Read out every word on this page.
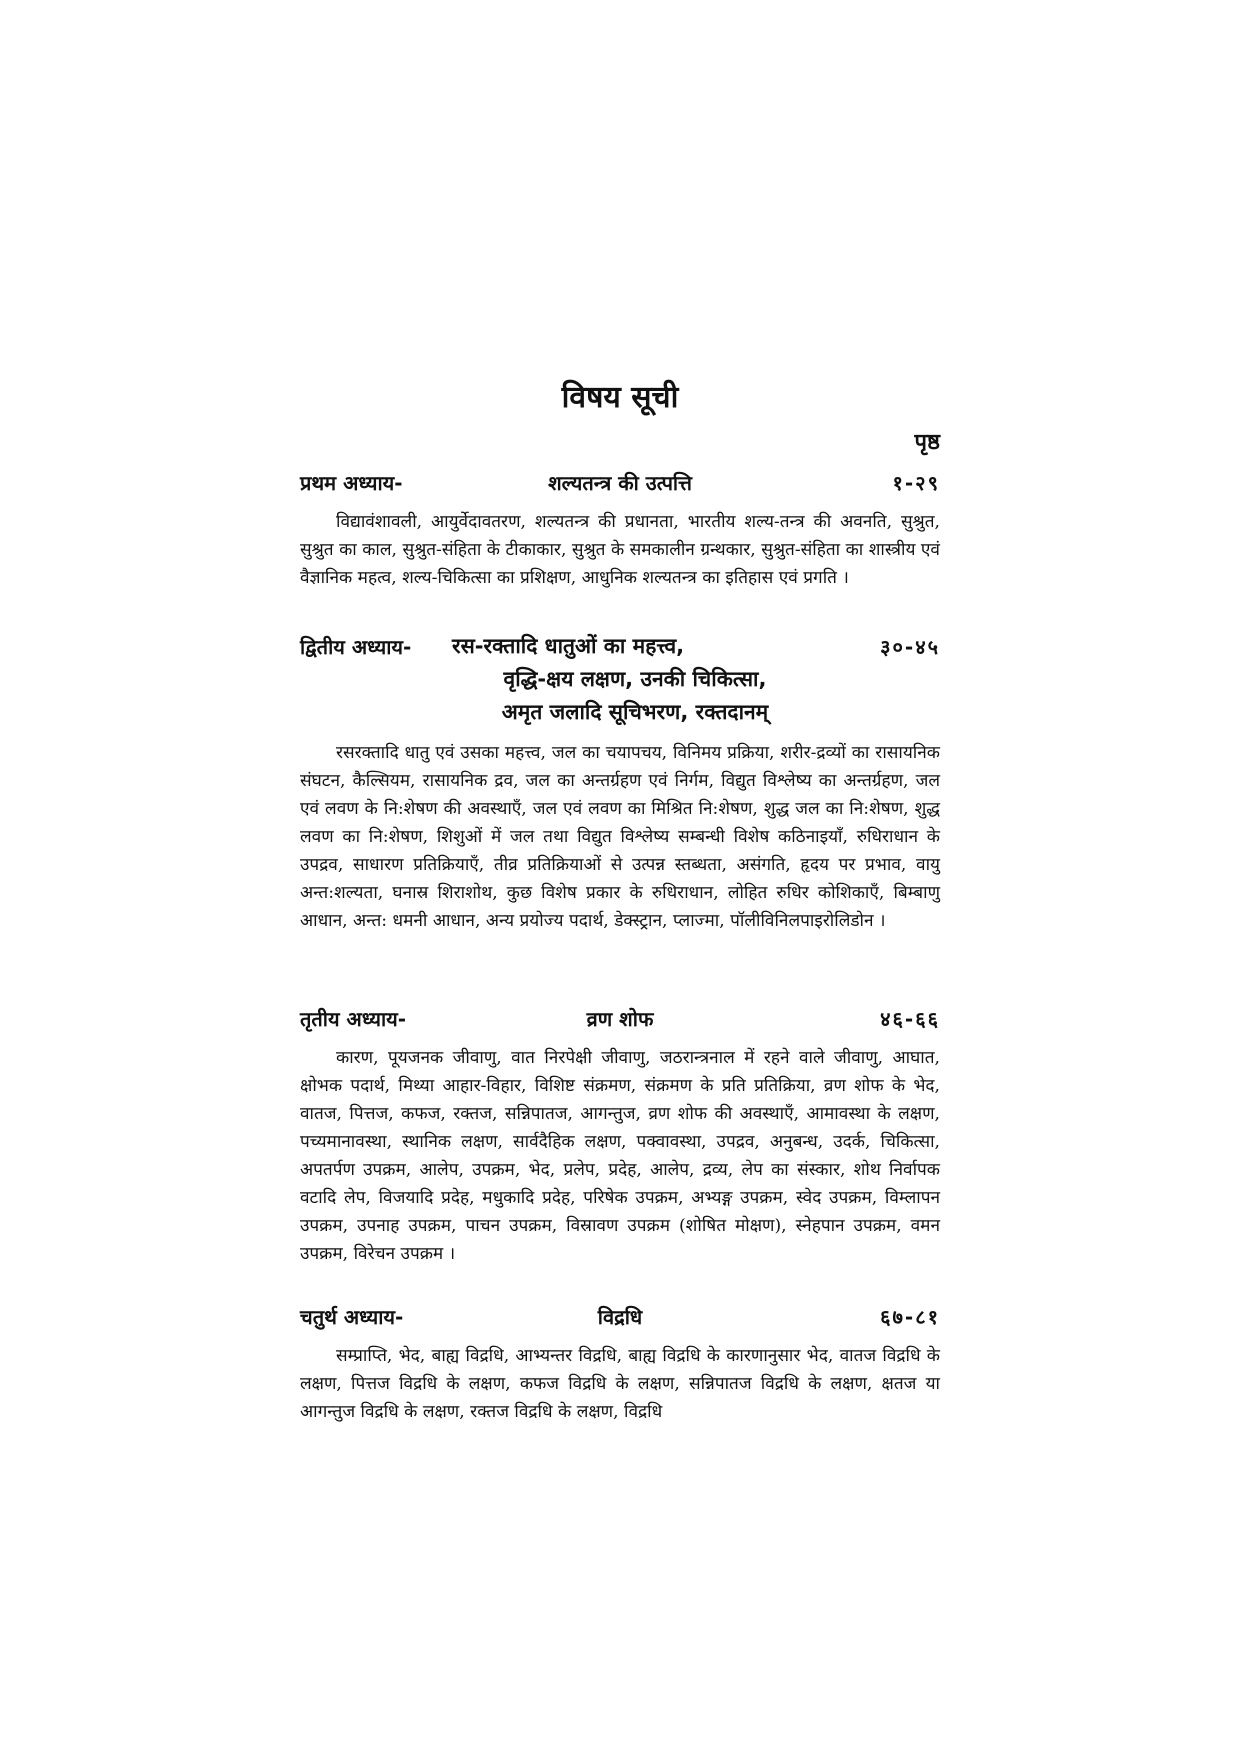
विषय सूची
पृष्ठ
प्रथम अध्याय-	शल्यतन्त्र की उत्पत्ति	१-२९

विद्यावंशावली, आयुर्वेदावतरण, शल्यतन्त्र की प्रधानता, भारतीय शल्य-तन्त्र की अवनति, सुश्रुत, सुश्रुत का काल, सुश्रुत-संहिता के टीकाकार, सुश्रुत के समकालीन ग्रन्थकार, सुश्रुत-संहिता का शास्त्रीय एवं वैज्ञानिक महत्व, शल्य-चिकित्सा का प्रशिक्षण, आधुनिक शल्यतन्त्र का इतिहास एवं प्रगति ।

द्वितीय अध्याय-	रस-रक्तादि धातुओं का महत्त्व,
वृद्धि-क्षय लक्षण, उनकी चिकित्सा,
अमृत जलादि सूचिभरण, रक्तदानम्
३०-४५

रसरक्तादि धातु एवं उसका महत्त्व, जल का चयापचय, विनिमय प्रक्रिया, शरीर-द्रव्यों का रासायनिक संघटन, कैल्सियम, रासायनिक द्रव, जल का अन्तर्ग्रहण एवं निर्गम, विद्युत विश्लेष्य का अन्तर्ग्रहण, जल एवं लवण के नि:शेषण की अवस्थाएँ, जल एवं लवण का मिश्रित नि:शेषण, शुद्ध जल का नि:शेषण, शुद्ध लवण का नि:शेषण, शिशुओं में जल तथा विद्युत विश्लेष्य सम्बन्धी विशेष कठिनाइयाँ, रुधिराधान के उपद्रव, साधारण प्रतिक्रियाएँ, तीव्र प्रतिक्रियाओं से उत्पन्न स्तब्धता, असंगति, हृदय पर प्रभाव, वायु अन्त:शल्यता, घनास्र शिराशोथ, कुछ विशेष प्रकार के रुधिराधान, लोहित रुधिर कोशिकाएँ, बिम्बाणु आधान, अन्त: धमनी आधान, अन्य प्रयोज्य पदार्थ, डेक्स्ट्रान, प्लाज्मा, पॉलीविनिलपाइरोलिडोन ।

तृतीय अध्याय-	व्रण शोफ	४६-६६

कारण, पूयजनक जीवाणु, वात निरपेक्षी जीवाणु, जठरान्त्रनाल में रहने वाले जीवाणु, आघात, क्षोभक पदार्थ, मिथ्या आहार-विहार, विशिष्ट संक्रमण, संक्रमण के प्रति प्रतिक्रिया, व्रण शोफ के भेद, वातज, पित्तज, कफज, रक्तज, सन्निपातज, आगन्तुज, व्रण शोफ की अवस्थाएँ, आमावस्था के लक्षण, पच्यमानावस्था, स्थानिक लक्षण, सार्वदैहिक लक्षण, पक्वावस्था, उपद्रव, अनुबन्ध, उदर्क, चिकित्सा, अपतर्पण उपक्रम, आलेप, उपक्रम, भेद, प्रलेप, प्रदेह, आलेप, द्रव्य, लेप का संस्कार, शोथ निर्वापक वटादि लेप, विजयादि प्रदेह, मधुकादि प्रदेह, परिषेक उपक्रम, अभ्यङ्ग उपक्रम, स्वेद उपक्रम, विम्लापन उपक्रम, उपनाह उपक्रम, पाचन उपक्रम, विस्रावण उपक्रम (शोषित मोक्षण), स्नेहपान उपक्रम, वमन उपक्रम, विरेचन उपक्रम ।

चतुर्थ अध्याय-	विद्रधि	६७-८१

सम्प्राप्ति, भेद, बाह्य विद्रधि, आभ्यन्तर विद्रधि, बाह्य विद्रधि के कारणानुसार भेद, वातज विद्रधि के लक्षण, पित्तज विद्रधि के लक्षण, कफज विद्रधि के लक्षण, सन्निपातज विद्रधि के लक्षण, क्षतज या आगन्तुज विद्रधि के लक्षण, रक्तज विद्रधि के लक्षण, विद्रधि
